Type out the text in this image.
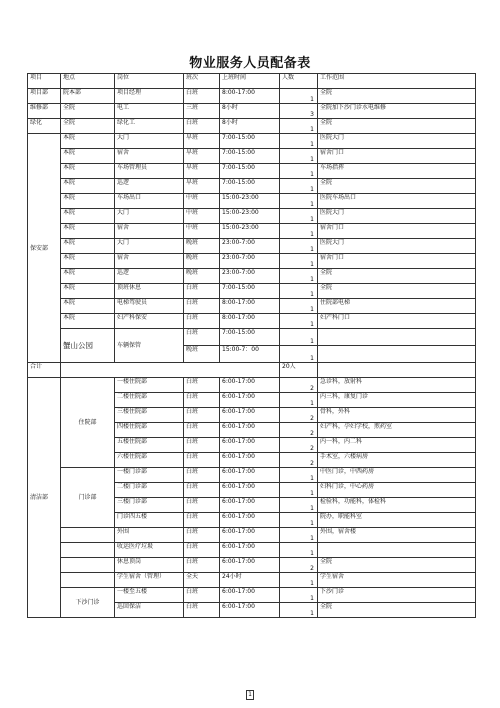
物业服务人员配备表
项目	地点	岗位	班次	上班时间	人数	工作范围
项目部	院本部	项目经理	白班	8:00-17:00	1	全院
维修部	全院	电工	三班	8小时	3	全院加下沙门诊水电维修
绿化	全院	绿化工	白班	8小时	1	全院
保安部	本院	大门	早班	7:00-15:00	1	医院大门
	本院	宿舍	早班	7:00-15:00	1	宿舍门口
	本院	车场管理员	早班	7:00-15:00	1	车场指挥
	本院	巡逻	早班	7:00-15:00	1	全院
	本院	车场出口	中班	15:00-23:00	1	医院车场出口
	本院	大门	中班	15:00-23:00	1	医院大门
	本院	宿舍	中班	15:00-23:00	1	宿舍门口
	本院	大门	晚班	23:00-7:00	1	医院大门
	本院	宿舍	晚班	23:00-7:00	1	宿舍门口
	本院	巡逻	晚班	23:00-7:00	1	全院
	本院	顶班休息	白班	7:00-15:00	1	全院
	本院	电梯驾驶员	白班	8:00-17:00	1	住院部电梯
	本院	妇产科保安	白班	8:00-17:00	1	妇产科门口
	蟹山公园	车辆保管	白班	7:00-15:00	1	
			晚班	15:00-7：00	1	
合计					20人	
清洁部	住院部	一楼住院部	白班	6:00-17:00	2	急诊科，放射科
		二楼住院部	白班	6:00-17:00	1	内三科，康复门诊
		三楼住院部	白班	6:00-17:00	2	骨科，外科
		四楼住院部	白班	6:00-17:00	2	妇产科，孕妇学校，煎药室
		五楼住院部	白班	6:00-17:00	2	内一科，内二科
		六楼住院部	白班	6:00-17:00	2	手术室，六楼病房
	门诊部	一楼门诊部	白班	6:00-17:00	1	中医门诊，中西药房
		二楼门诊部	白班	6:00-17:00	1	妇科门诊，中心药房
		三楼门诊部	白班	6:00-17:00	1	检验科，功能科，体检科
		门诊四五楼	白班	6:00-17:00	1	院办，职能科室
		外围	白班	6:00-17:00	1	外围，宿舍楼
		收运医疗垃圾	白班	6:00-17:00	1	
		休息顶岗	白班	6:00-17:00	2	全院
		学生宿舍（管理）	全天	24小时	1	学生宿舍
	下沙门诊	一楼至五楼	白班	6:00-17:00	1	下沙门诊
		巡回保洁	白班	6:00-17:00	1	全院
1
